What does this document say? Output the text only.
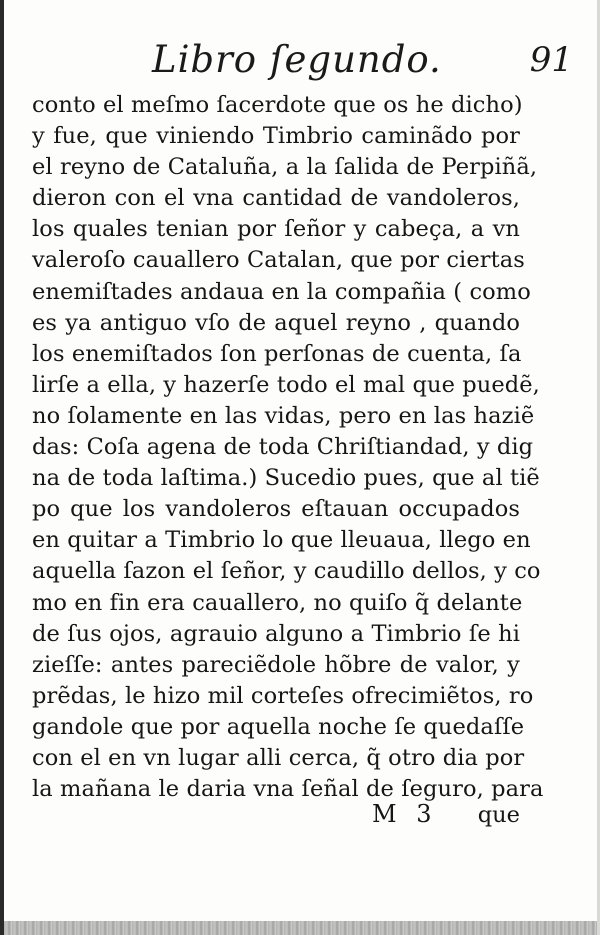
Libro ſegundo.	91
conto el meſmo ſacerdote que os he dicho)
y fue, que viniendo Timbrio caminãdo por
el reyno de Cataluña, a la ſalida de Perpiñã,
dieron con el vna cantidad de vandoleros,
los quales tenian por ſeñor y cabeça, a vn
valeroſo cauallero Catalan, que por ciertas
enemiſtades andaua en la compañia ( como
es ya antiguo vſo de aquel reyno , quando
los enemiſtados ſon perſonas de cuenta, ſa
lirſe a ella, y hazerſe todo el mal que puedẽ,
no ſolamente en las vidas, pero en las haziẽ
das: Coſa agena de toda Chriſtiandad, y dig
na de toda laſtima.) Sucedio pues, que al tiẽ
po que los vandoleros eſtauan occupados
en quitar a Timbrio lo que lleuaua, llego en
aquella ſazon el ſeñor, y caudillo dellos, y co
mo en fin era cauallero, no quiſo q̃ delante
de ſus ojos, agrauio alguno a Timbrio ſe hi
zieſſe: antes pareciẽdole hõbre de valor, y
prẽdas, le hizo mil corteſes ofrecimiẽtos, ro
gandole que por aquella noche ſe quedaſſe
con el en vn lugar alli cerca, q̃ otro dia por
la mañana le daria vna ſeñal de ſeguro, para
M 3 que
